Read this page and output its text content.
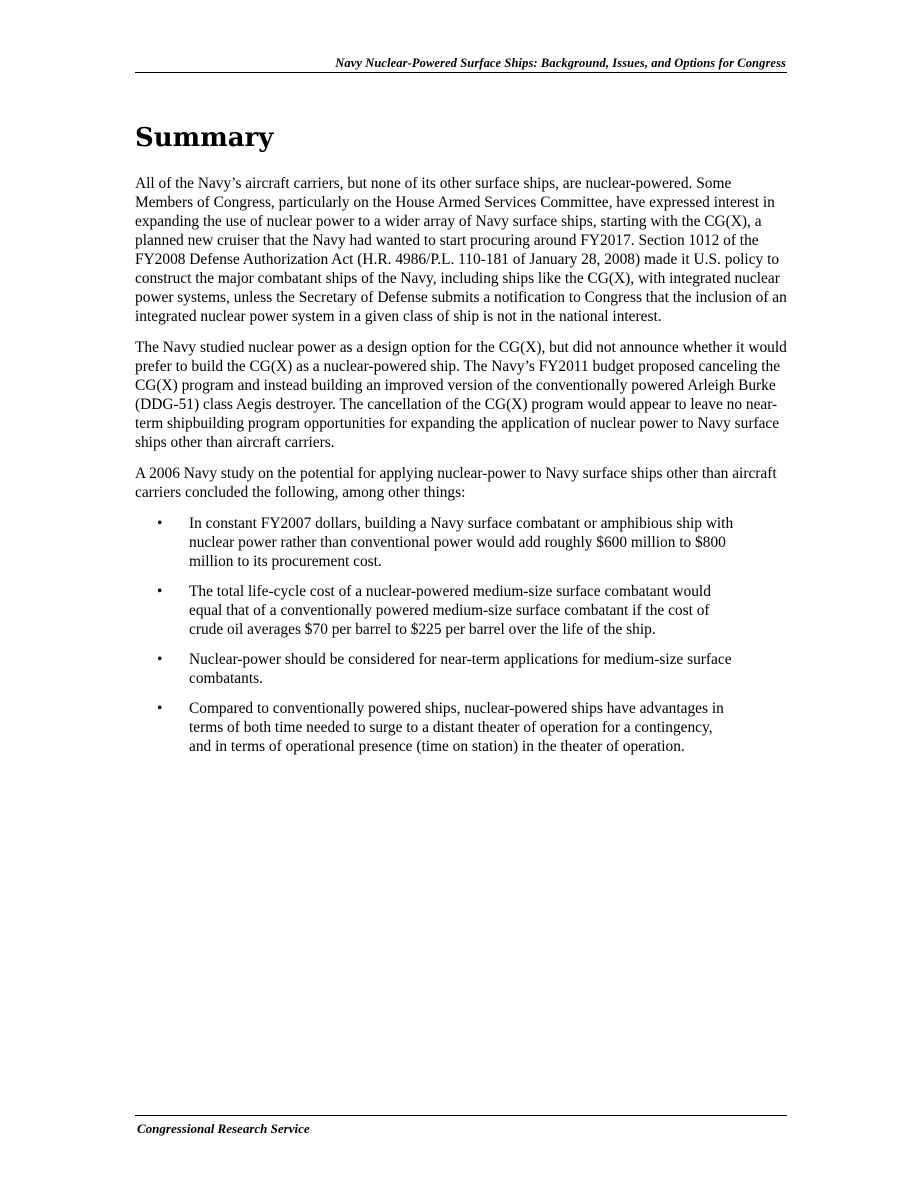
Navy Nuclear-Powered Surface Ships: Background, Issues, and Options for Congress
Summary

All of the Navy’s aircraft carriers, but none of its other surface ships, are nuclear-powered. Some Members of Congress, particularly on the House Armed Services Committee, have expressed interest in expanding the use of nuclear power to a wider array of Navy surface ships, starting with the CG(X), a planned new cruiser that the Navy had wanted to start procuring around FY2017. Section 1012 of the FY2008 Defense Authorization Act (H.R. 4986/P.L. 110-181 of January 28, 2008) made it U.S. policy to construct the major combatant ships of the Navy, including ships like the CG(X), with integrated nuclear power systems, unless the Secretary of Defense submits a notification to Congress that the inclusion of an integrated nuclear power system in a given class of ship is not in the national interest.

The Navy studied nuclear power as a design option for the CG(X), but did not announce whether it would prefer to build the CG(X) as a nuclear-powered ship. The Navy’s FY2011 budget proposed canceling the CG(X) program and instead building an improved version of the conventionally powered Arleigh Burke (DDG-51) class Aegis destroyer. The cancellation of the CG(X) program would appear to leave no near-term shipbuilding program opportunities for expanding the application of nuclear power to Navy surface ships other than aircraft carriers.

A 2006 Navy study on the potential for applying nuclear-power to Navy surface ships other than aircraft carriers concluded the following, among other things:

• In constant FY2007 dollars, building a Navy surface combatant or amphibious ship with nuclear power rather than conventional power would add roughly $600 million to $800 million to its procurement cost.
• The total life-cycle cost of a nuclear-powered medium-size surface combatant would equal that of a conventionally powered medium-size surface combatant if the cost of crude oil averages $70 per barrel to $225 per barrel over the life of the ship.
• Nuclear-power should be considered for near-term applications for medium-size surface combatants.
• Compared to conventionally powered ships, nuclear-powered ships have advantages in terms of both time needed to surge to a distant theater of operation for a contingency, and in terms of operational presence (time on station) in the theater of operation.
Congressional Research Service
